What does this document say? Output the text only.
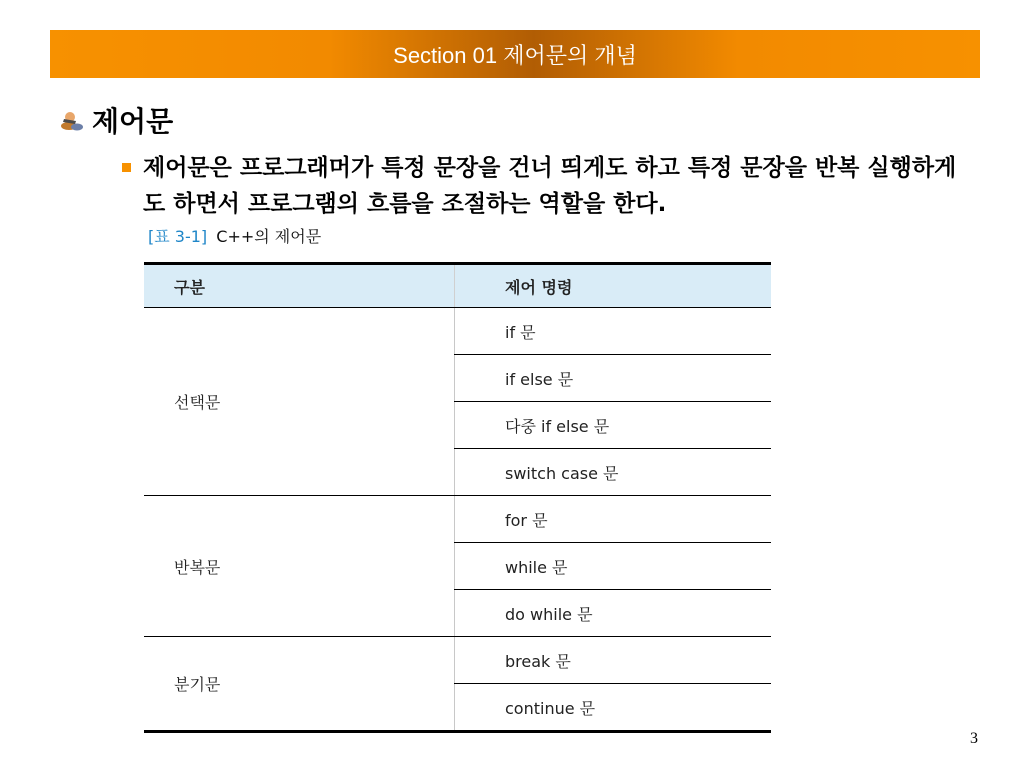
Section 01 제어문의 개념
제어문
제어문은 프로그래머가 특정 문장을 건너 띄게도 하고 특정 문장을 반복 실행하게도 하면서 프로그램의 흐름을 조절하는 역할을 한다.
[표 3-1] C++의 제어문
구분	제어 명령
선택문	if 문
	if else 문
	다중 if else 문
	switch case 문
반복문	for 문
	while 문
	do while 문
분기문	break 문
	continue 문
3
